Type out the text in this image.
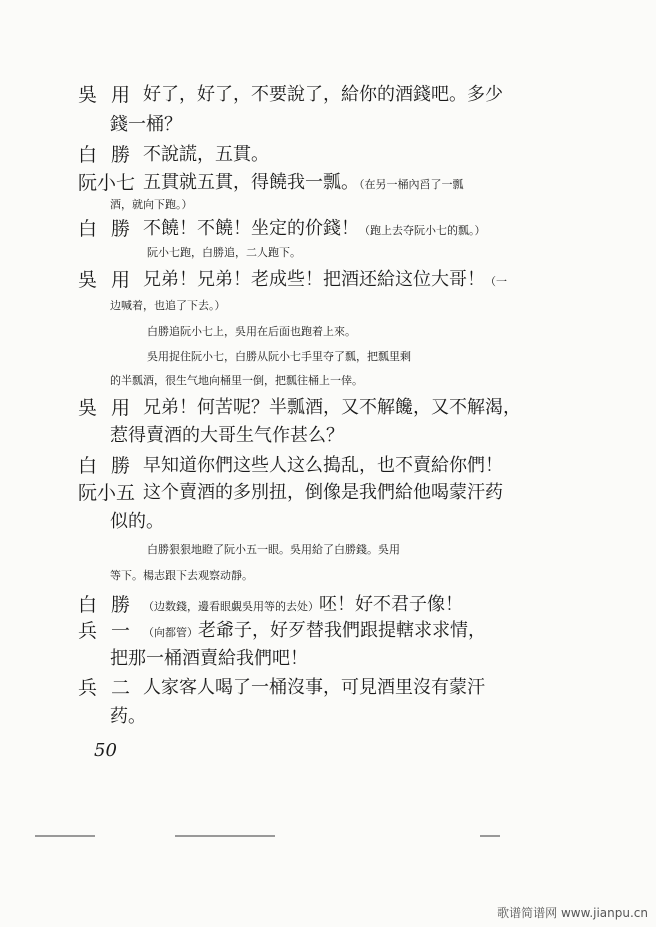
吳 用 好了，好了，不要說了，給你的酒錢吧。多少
錢一桶？
白 勝 不說謊，五貫。
阮小七 五貫就五貫，得饒我一瓢。（在另一桶內舀了一瓢
酒，就向下跑。）
白 勝 不饒！不饒！坐定的价錢！（跑上去夺阮小七的瓢。）
阮小七跑，白勝追，二人跑下。
吳 用 兄弟！兄弟！老成些！把酒还給这位大哥！（一
边喊着，也追了下去。）
白勝追阮小七上，吳用在后面也跑着上來。
吳用捉住阮小七，白勝从阮小七手里夺了瓢，把瓢里剩
的半瓢酒，很生气地向桶里一倒，把瓢往桶上一倖。
吳 用 兄弟！何苦呢？半瓢酒，又不解饞，又不解渴，
惹得賣酒的大哥生气作甚么？
白 勝 早知道你們这些人这么搗乱，也不賣給你們！
阮小五 这个賣酒的多別扭，倒像是我們給他喝蒙汗药
似的。
白勝狠狠地瞪了阮小五一眼。吳用給了白勝錢。吳用
等下。楊志跟下去观察动靜。
白 勝 （边数錢，邊看眼覷吳用等的去处）呸！好不君子像！
兵 一 （向都管）老爺子，好歹替我們跟提轄求求情，
把那一桶酒賣給我們吧！
兵 二 人家客人喝了一桶沒事，可見酒里沒有蒙汗
药。
50
歌谱简谱网 www.jianpu.cn
